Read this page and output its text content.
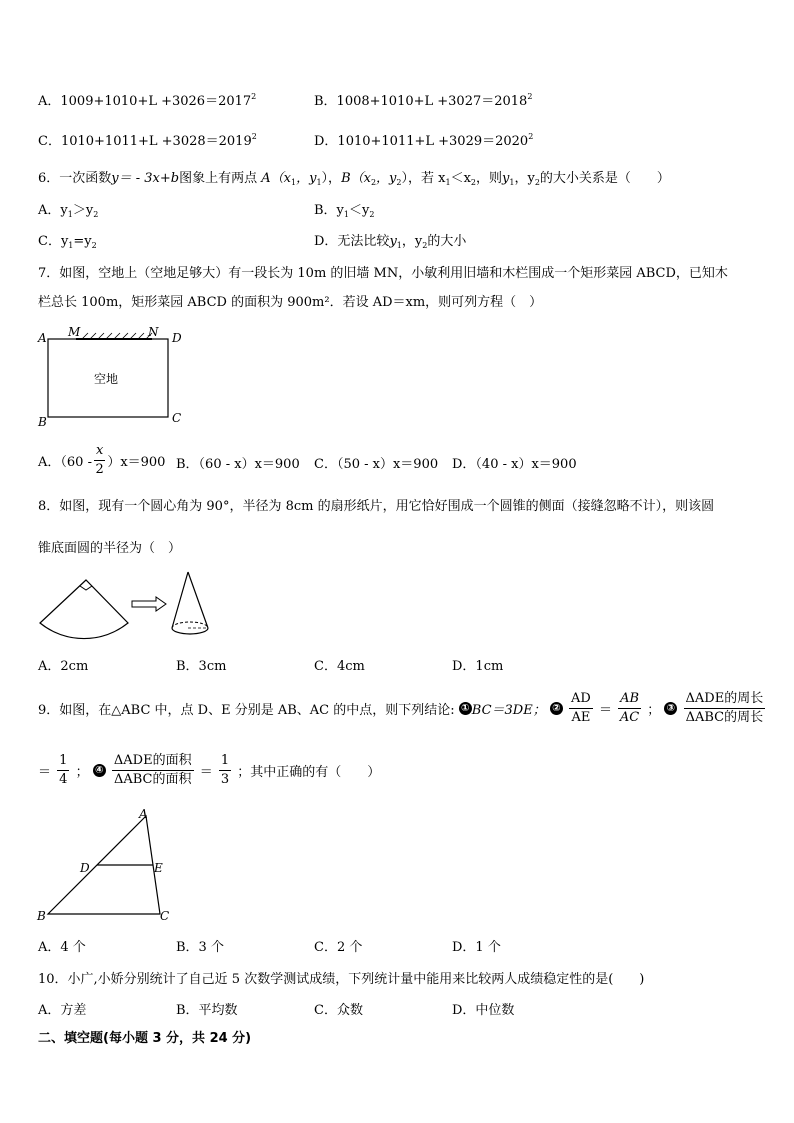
A．$1009+1010+L +3026=2017^2$	B．$1008+1010+L +3027=2018^2$
C．$1010+1011+L +3028=2019^2$	D．$1010+1011+L +3029=2020^2$
6．一次函数y＝ - 3x+b图象上有两点 $A(x_1$，$y_1$），$B(x_2$，$y_2$），若 $x_1<x_2$，则$y_1$，$y_2$的大小关系是（　　）
A．$y_1>y_2$	B．$y_1<y_2$
C．$y_1=y_2$	D．无法比较$y_1$，$y_2$的大小
7．如图，空地上（空地足够大）有一段长为 10m 的旧墙 MN，小敏利用旧墙和木栏围成一个矩形菜园 ABCD，已知木
栏总长 100m，矩形菜园 ABCD 的面积为 900m²．若设 AD＝xm，则可列方程（　）
A M	N D
B	C
空地
A．$(60 - \frac{x}{2} )x=900$ B．（60 - x）x＝900 C．（50 - x）x＝900 D．（40 - x）x＝900
8．如图，现有一个圆心角为 90°，半径为 8cm 的扇形纸片，用它恰好围成一个圆锥的侧面（接缝忽略不计），则该圆
锥底面圆的半径为（　）
A．2cm	B．3cm	C．4cm	D．1cm
9．如图，在△ABC 中，点 D、E 分别是 AB、AC 的中点，则下列结论: ① BC＝3DE； ② $\frac{AD}{AE} = \frac{AB}{AC}$ ； ③ $\frac{\text{ΔADE的周长}}{\text{ΔABC的周长}}$
＝ $\frac{1}{4}$ ； ④ $\frac{\text{ΔADE的面积}}{\text{ΔABC的面积}} = \frac{1}{3}$ ；其中正确的有（　　）
A
D	E
B	C
A．4 个	B．3 个	C．2 个	D．1 个
10．小广,小娇分别统计了自己近 5 次数学测试成绩，下列统计量中能用来比较两人成绩稳定性的是(　　)
A．方差	B．平均数	C．众数	D．中位数
二、填空题(每小题 3 分，共 24 分)
